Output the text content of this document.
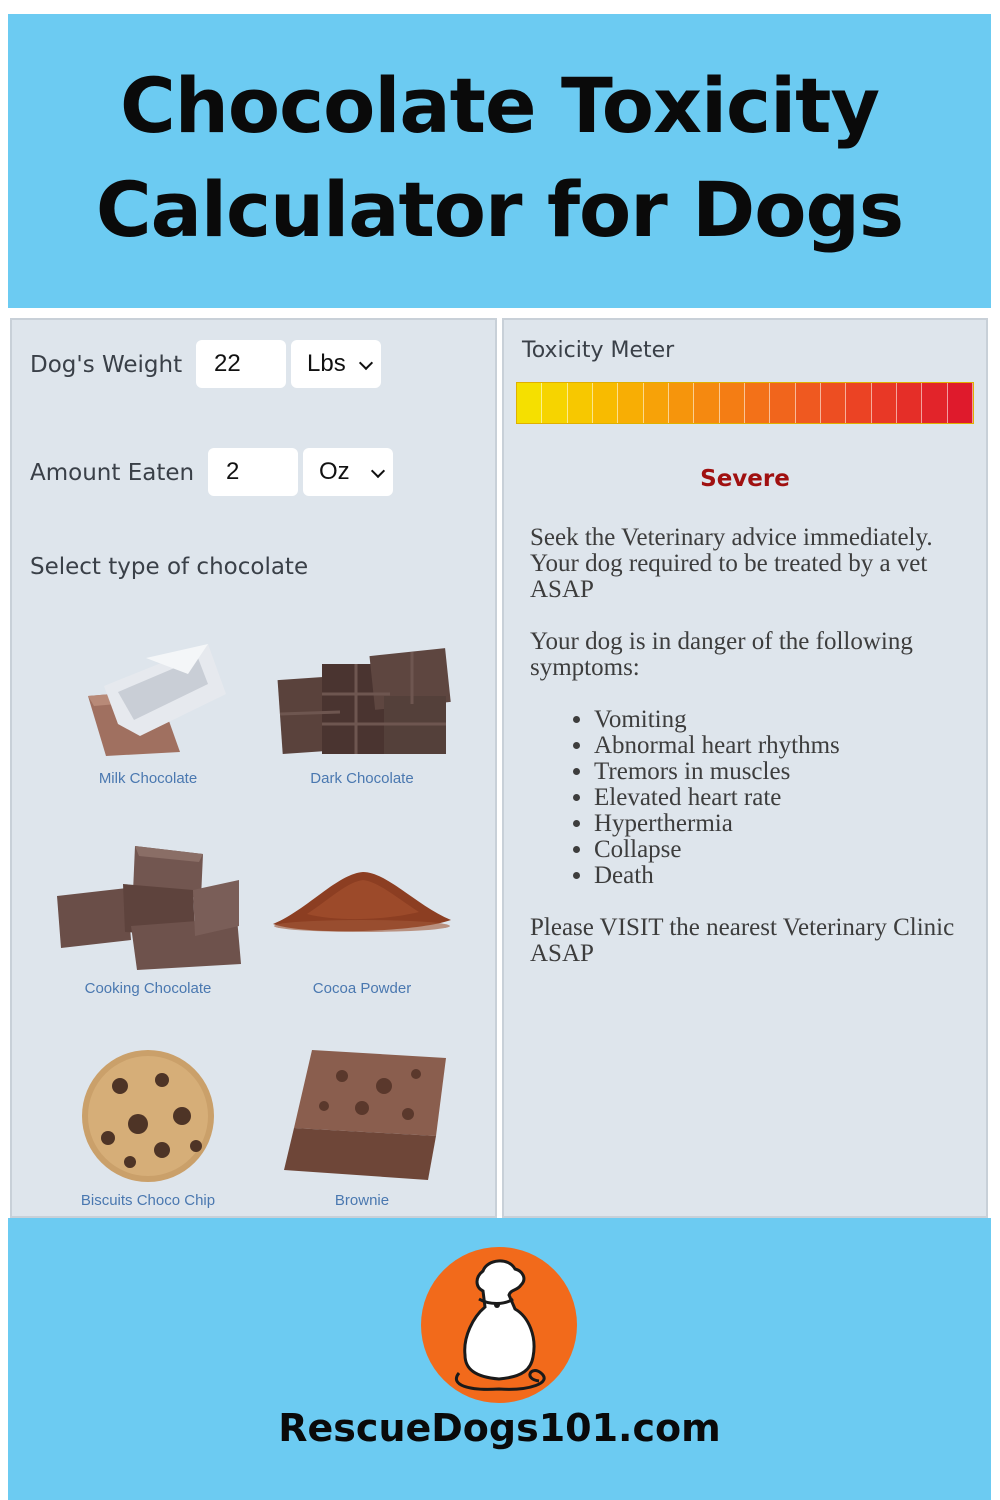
Chocolate Toxicity
Calculator for Dogs
Dog's Weight	22	Lbs
Amount Eaten	2	Oz
Select type of chocolate
Milk Chocolate	Dark Chocolate
Cooking Chocolate	Cocoa Powder
Biscuits Choco Chip	Brownie
Toxicity Meter
Severe

Seek the Veterinary advice immediately. Your dog required to be treated by a vet ASAP

Your dog is in danger of the following symptoms:

• Vomiting
• Abnormal heart rhythms
• Tremors in muscles
• Elevated heart rate
• Hyperthermia
• Collapse
• Death

Please VISIT the nearest Veterinary Clinic ASAP

RescueDogs101.com
